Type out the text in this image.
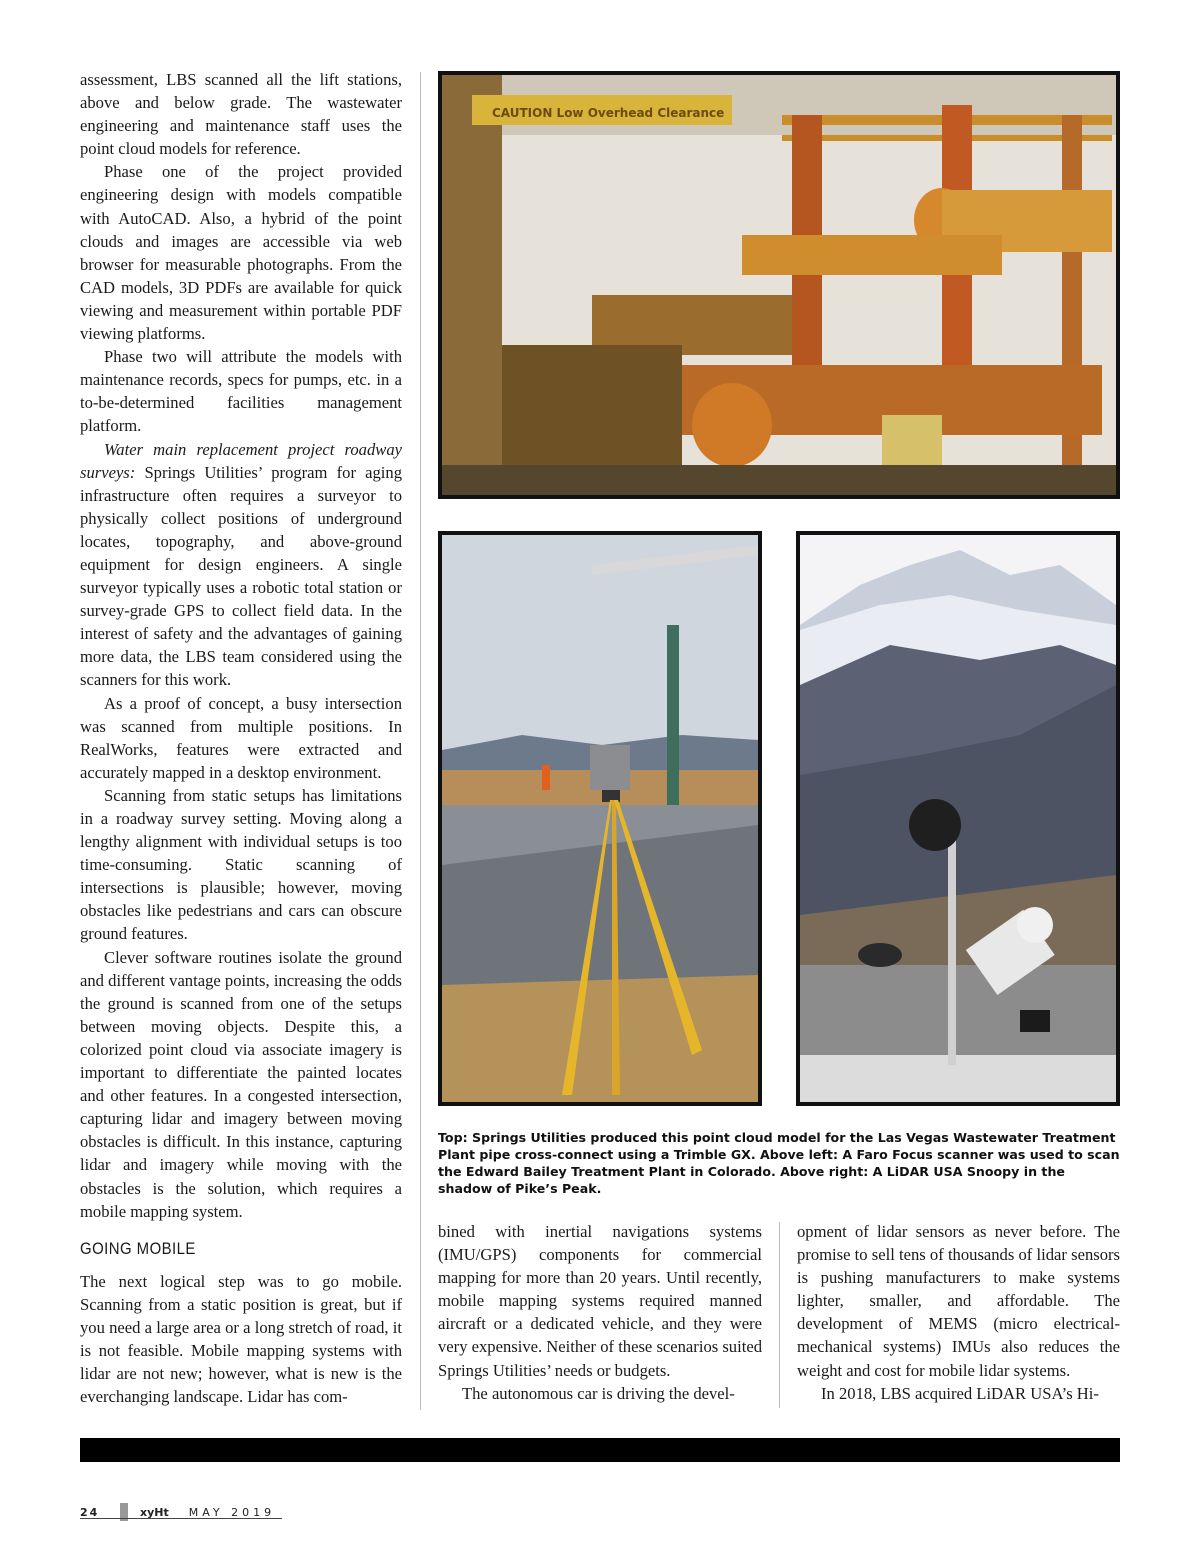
assessment, LBS scanned all the lift stations, above and below grade. The wastewater engineering and maintenance staff uses the point cloud models for reference.

Phase one of the project provided engineering design with models compatible with AutoCAD. Also, a hybrid of the point clouds and images are accessible via web browser for measurable photographs. From the CAD models, 3D PDFs are available for quick viewing and measurement within portable PDF viewing platforms.

Phase two will attribute the models with maintenance records, specs for pumps, etc. in a to-be-determined facilities management platform.

Water main replacement project roadway surveys: Springs Utilities’ program for aging infrastructure often requires a surveyor to physically collect positions of underground locates, topography, and above-ground equipment for design engineers. A single surveyor typically uses a robotic total station or survey-grade GPS to collect field data. In the interest of safety and the advantages of gaining more data, the LBS team considered using the scanners for this work.

As a proof of concept, a busy intersection was scanned from multiple positions. In RealWorks, features were extracted and accurately mapped in a desktop environment.

Scanning from static setups has limitations in a roadway survey setting. Moving along a lengthy alignment with individual setups is too time-consuming. Static scanning of intersections is plausible; however, moving obstacles like pedestrians and cars can obscure ground features.

Clever software routines isolate the ground and different vantage points, increasing the odds the ground is scanned from one of the setups between moving objects. Despite this, a colorized point cloud via associate imagery is important to differentiate the painted locates and other features. In a congested intersection, capturing lidar and imagery between moving obstacles is difficult. In this instance, capturing lidar and imagery while moving with the obstacles is the solution, which requires a mobile mapping system.

GOING MOBILE

The next logical step was to go mobile. Scanning from a static position is great, but if you need a large area or a long stretch of road, it is not feasible. Mobile mapping systems with lidar are not new; however, what is new is the everchanging landscape. Lidar has com-

bined with inertial navigations systems (IMU/GPS) components for commercial mapping for more than 20 years. Until recently, mobile mapping systems required manned aircraft or a dedicated vehicle, and they were very expensive. Neither of these scenarios suited Springs Utilities’ needs or budgets.

The autonomous car is driving the devel-

opment of lidar sensors as never before. The promise to sell tens of thousands of lidar sensors is pushing manufacturers to make systems lighter, smaller, and affordable. The development of MEMS (micro electrical-mechanical systems) IMUs also reduces the weight and cost for mobile lidar systems.

In 2018, LBS acquired LiDAR USA’s Hi-

CAUTION Low Overhead Clearance
Top: Springs Utilities produced this point cloud model for the Las Vegas Wastewater Treatment Plant pipe cross-connect using a Trimble GX. Above left: A Faro Focus scanner was used to scan the Edward Bailey Treatment Plant in Colorado. Above right: A LiDAR USA Snoopy in the shadow of Pike’s Peak.
24	xyHt MAY 2019
